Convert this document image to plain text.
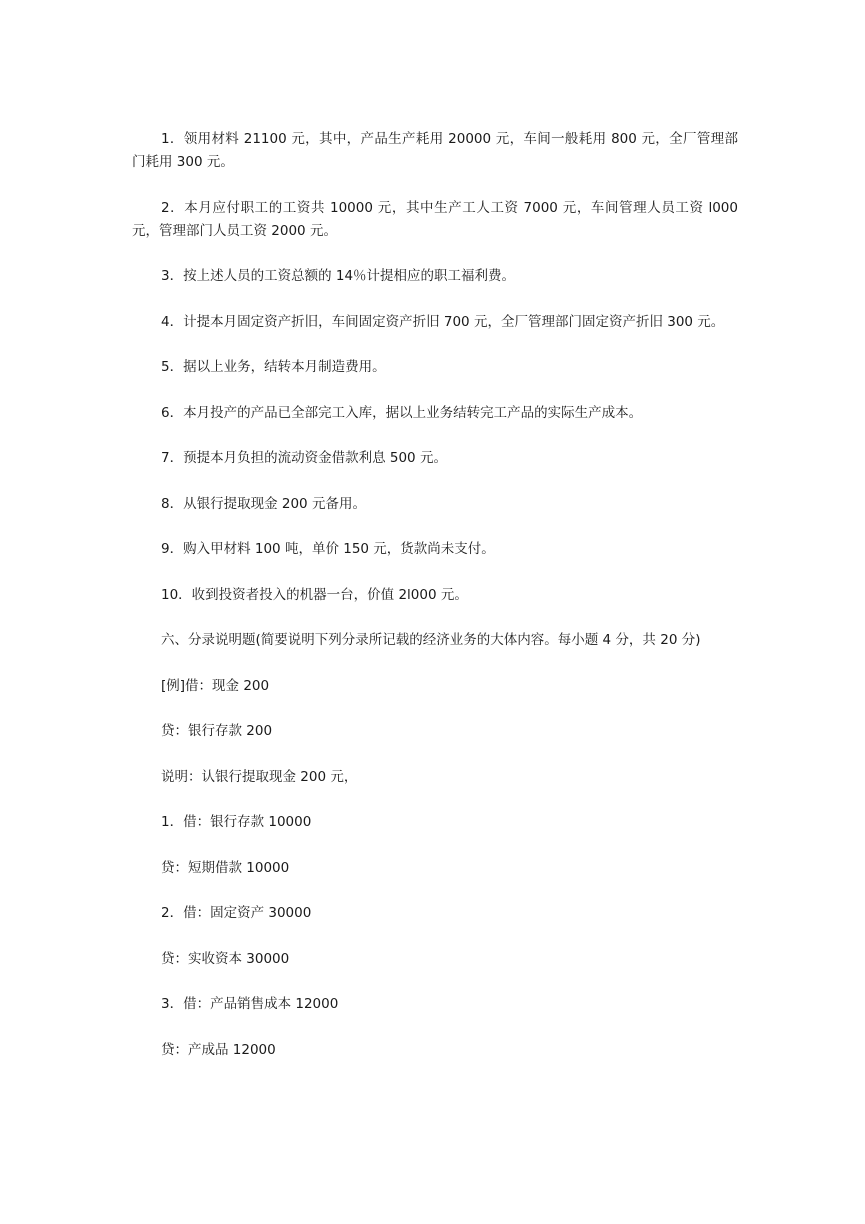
1．领用材料 21100 元，其中，产品生产耗用 20000 元，车间一般耗用 800 元，全厂管理部门耗用 300 元。

2．本月应付职工的工资共 10000 元，其中生产工人工资 7000 元，车间管理人员工资 l000 元，管理部门人员工资 2000 元。

3．按上述人员的工资总额的 14％计提相应的职工福利费。

4．计提本月固定资产折旧，车间固定资产折旧 700 元，全厂管理部门固定资产折旧 300 元。

5．据以上业务，结转本月制造费用。

6．本月投产的产品已全部完工入库，据以上业务结转完工产品的实际生产成本。

7．预提本月负担的流动资金借款利息 500 元。

8．从银行提取现金 200 元备用。

9．购入甲材料 100 吨，单价 150 元，货款尚未支付。

10．收到投资者投入的机器一台，价值 2l000 元。

六、分录说明题(简要说明下列分录所记载的经济业务的大体内容。每小题 4 分，共 20 分)

[例]借：现金 200

贷：银行存款 200

说明：认银行提取现金 200 元，

1．借：银行存款 10000

贷：短期借款 10000

2．借：固定资产 30000

贷：实收资本 30000

3．借：产品销售成本 12000

贷：产成品 12000
